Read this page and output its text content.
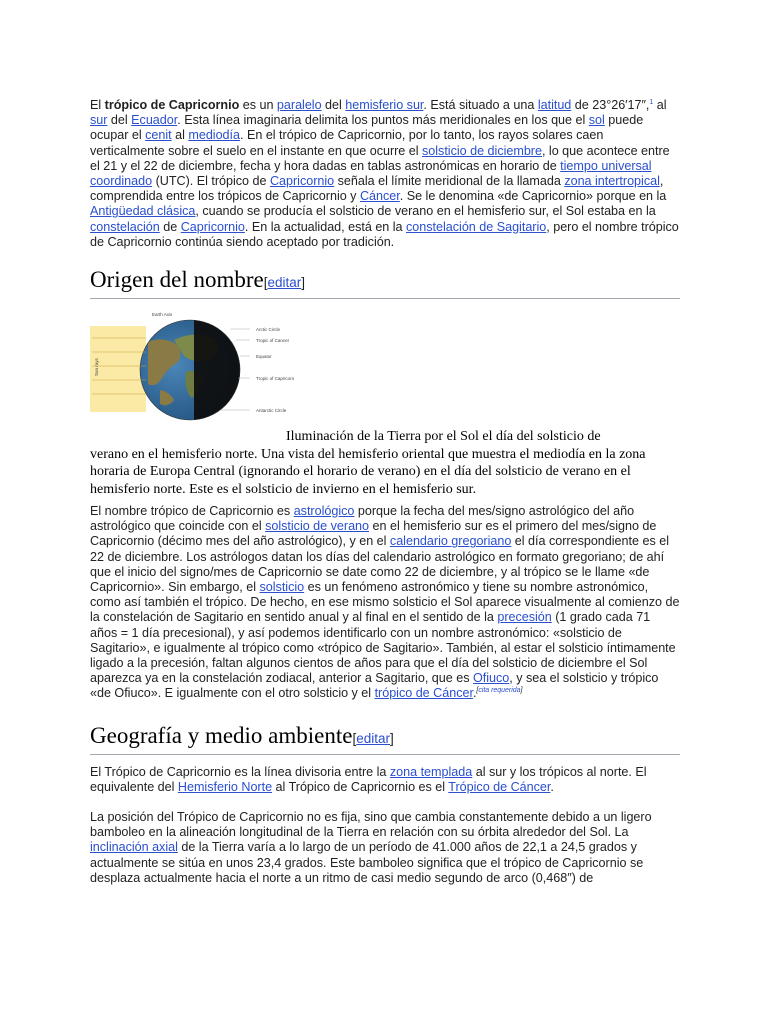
El trópico de Capricornio es un paralelo del hemisferio sur. Está situado a una latitud de 23°26′17″,$^1$ al sur del Ecuador. Esta línea imaginaria delimita los puntos más meridionales en los que el sol puede ocupar el cenit al mediodía. En el trópico de Capricornio, por lo tanto, los rayos solares caen verticalmente sobre el suelo en el instante en que ocurre el solsticio de diciembre, lo que acontece entre el 21 y el 22 de diciembre, fecha y hora dadas en tablas astronómicas en horario de tiempo universal coordinado (UTC). El trópico de Capricornio señala el límite meridional de la llamada zona intertropical, comprendida entre los trópicos de Capricornio y Cáncer. Se le denomina «de Capricornio» porque en la Antigüedad clásica, cuando se producía el solsticio de verano en el hemisferio sur, el Sol estaba en la constelación de Capricornio. En la actualidad, está en la constelación de Sagitario, pero el nombre trópico de Capricornio continúa siendo aceptado por tradición.

Origen del nombre[editar]
Earth Axis
Sun rays
Arctic Circle
Tropic of Cancer
Equator
Tropic of Capricorn
Antarctic Circle

Iluminación de la Tierra por el Sol el día del solsticio de

verano en el hemisferio norte. Una vista del hemisferio oriental que muestra el mediodía en la zona horaria de Europa Central (ignorando el horario de verano) en el día del solsticio de verano en el hemisferio norte. Este es el solsticio de invierno en el hemisferio sur.

El nombre trópico de Capricornio es astrológico porque la fecha del mes/signo astrológico del año astrológico que coincide con el solsticio de verano en el hemisferio sur es el primero del mes/signo de Capricornio (décimo mes del año astrológico), y en el calendario gregoriano el día correspondiente es el 22 de diciembre. Los astrólogos datan los días del calendario astrológico en formato gregoriano; de ahí que el inicio del signo/mes de Capricornio se date como 22 de diciembre, y al trópico se le llame «de Capricornio». Sin embargo, el solsticio es un fenómeno astronómico y tiene su nombre astronómico, como así también el trópico. De hecho, en ese mismo solsticio el Sol aparece visualmente al comienzo de la constelación de Sagitario en sentido anual y al final en el sentido de la precesión (1 grado cada 71 años = 1 día precesional), y así podemos identificarlo con un nombre astronómico: «solsticio de Sagitario», e igualmente al trópico como «trópico de Sagitario». También, al estar el solsticio íntimamente ligado a la precesión, faltan algunos cientos de años para que el día del solsticio de diciembre el Sol aparezca ya en la constelación zodiacal, anterior a Sagitario, que es Ofiuco, y sea el solsticio y trópico «de Ofiuco». E igualmente con el otro solsticio y el trópico de Cáncer.[cita requerida]

Geografía y medio ambiente[editar]

El Trópico de Capricornio es la línea divisoria entre la zona templada al sur y los trópicos al norte. El equivalente del Hemisferio Norte al Trópico de Capricornio es el Trópico de Cáncer.

La posición del Trópico de Capricornio no es fija, sino que cambia constantemente debido a un ligero bamboleo en la alineación longitudinal de la Tierra en relación con su órbita alrededor del Sol. La inclinación axial de la Tierra varía a lo largo de un período de 41.000 años de 22,1 a 24,5 grados y actualmente se sitúa en unos 23,4 grados. Este bamboleo significa que el trópico de Capricornio se desplaza actualmente hacia el norte a un ritmo de casi medio segundo de arco (0,468″) de
